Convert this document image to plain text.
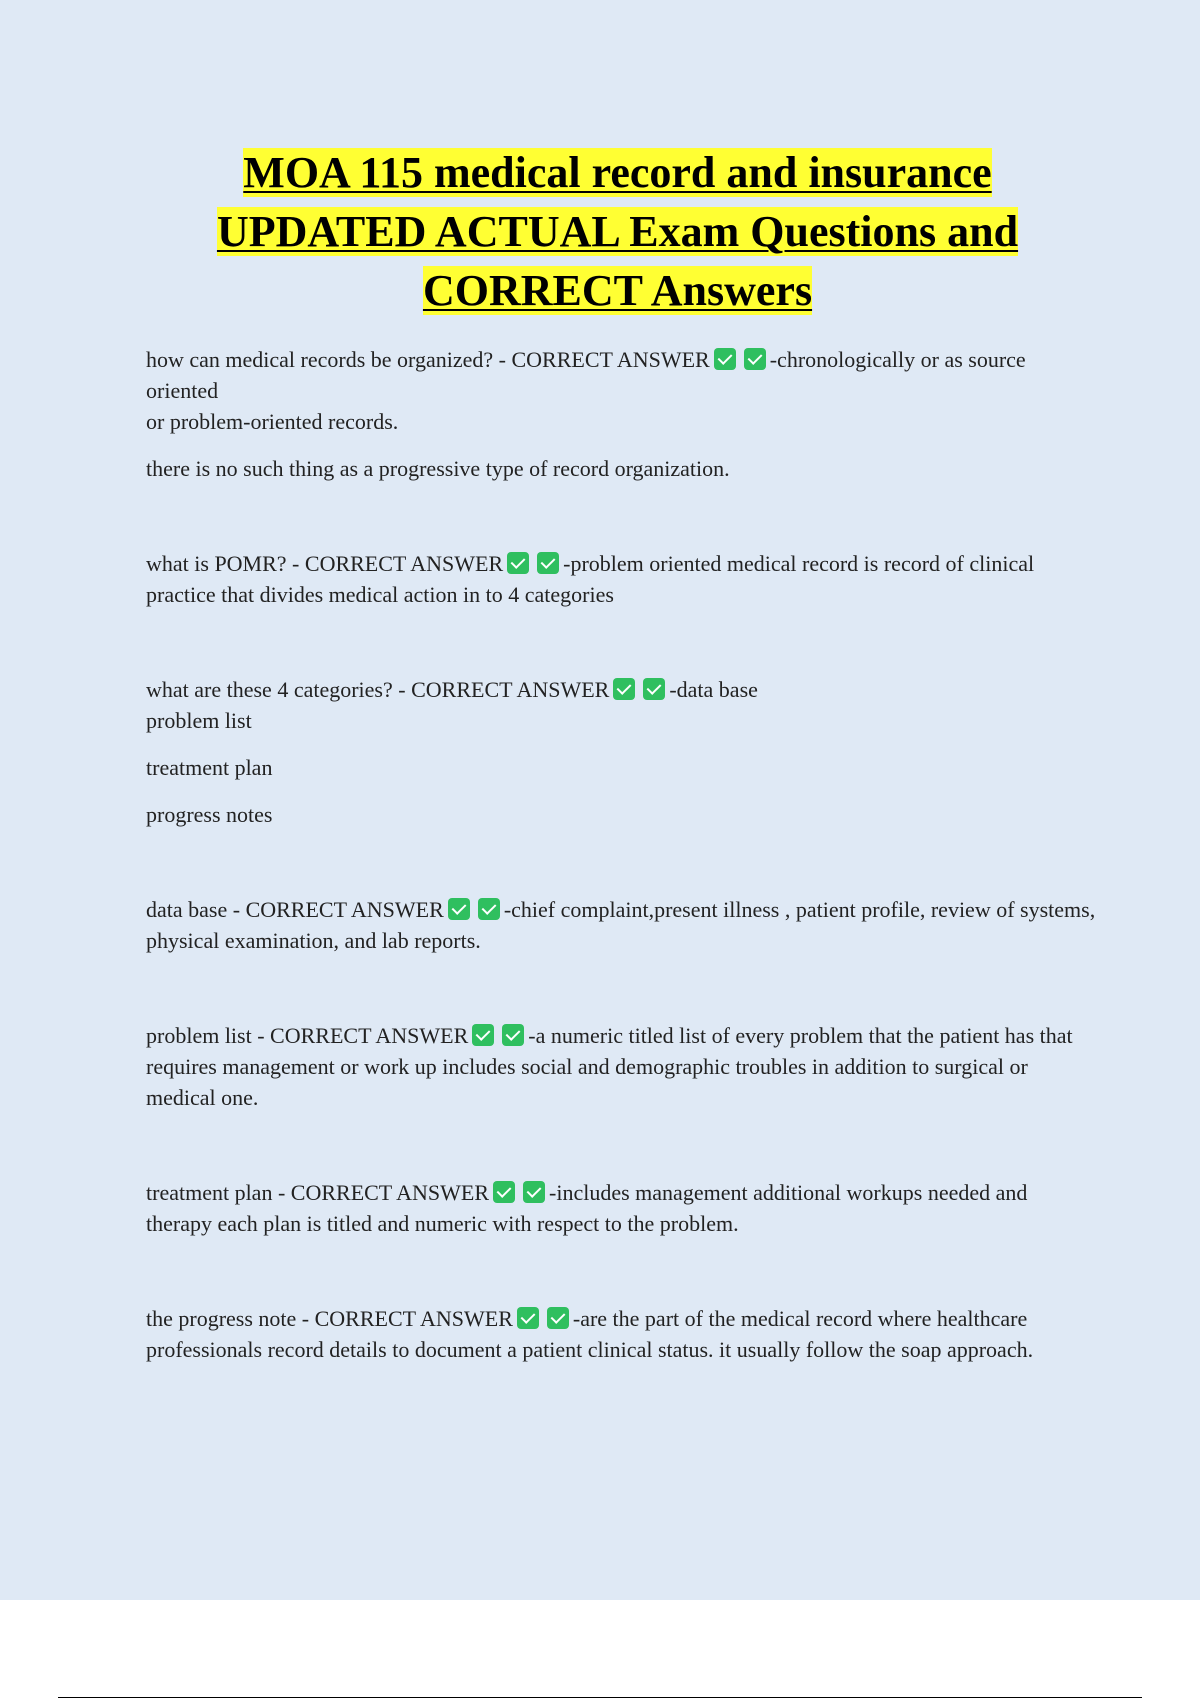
MOA 115 medical record and insurance
UPDATED ACTUAL Exam Questions and
CORRECT Answers

how can medical records be organized? - CORRECT ANSWER	-chronologically or as source oriented

or problem-oriented records.

there is no such thing as a progressive type of record organization.

what is POMR? - CORRECT ANSWER	-problem oriented medical record is record of clinical practice that divides medical action in to 4 categories

what are these 4 categories? - CORRECT ANSWER	-data base

problem list

treatment plan

progress notes

data base - CORRECT ANSWER	-chief complaint,present illness , patient profile, review of systems, physical examination, and lab reports.

problem list - CORRECT ANSWER	-a numeric titled list of every problem that the patient has that requires management or work up includes social and demographic troubles in addition to surgical or medical one.

treatment plan - CORRECT ANSWER	-includes management additional workups needed and therapy each plan is titled and numeric with respect to the problem.

the progress note - CORRECT ANSWER	-are the part of the medical record where healthcare professionals record details to document a patient clinical status. it usually follow the soap approach.
